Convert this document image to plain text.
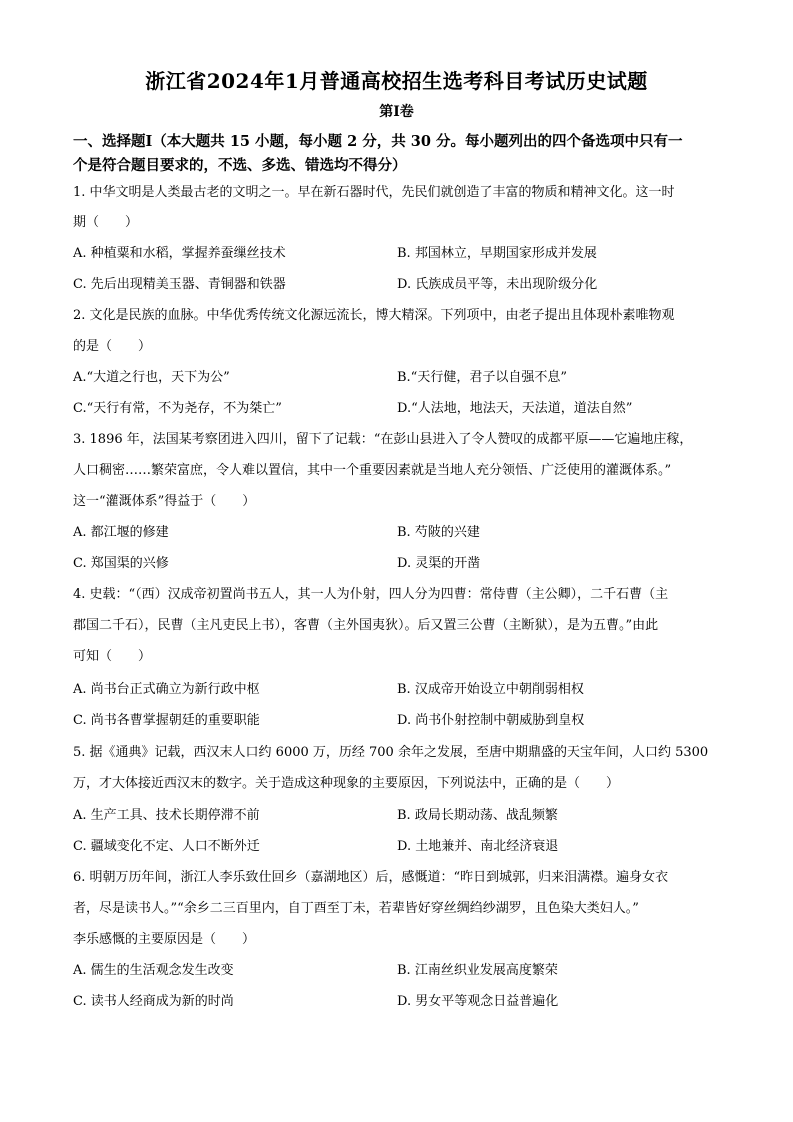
浙江省2024年1月普通高校招生选考科目考试历史试题
第Ⅰ卷
一、选择题Ⅰ（本大题共 15 小题，每小题 2 分，共 30 分。每小题列出的四个备选项中只有一
个是符合题目要求的，不选、多选、错选均不得分）
1. 中华文明是人类最古老的文明之一。早在新石器时代，先民们就创造了丰富的物质和精神文化。这一时
期（　　）
A. 种植粟和水稻，掌握养蚕缫丝技术	B. 邦国林立，早期国家形成并发展
C. 先后出现精美玉器、青铜器和铁器	D. 氏族成员平等，未出现阶级分化
2. 文化是民族的血脉。中华优秀传统文化源远流长，博大精深。下列项中，由老子提出且体现朴素唯物观
的是（　　）
A.“大道之行也，天下为公”	B.“天行健，君子以自强不息”
C.“天行有常，不为尧存，不为桀亡”	D.“人法地，地法天，天法道，道法自然”
3. 1896 年，法国某考察团进入四川，留下了记载：“在彭山县进入了令人赞叹的成都平原——它遍地庄稼，
人口稠密……繁荣富庶，令人难以置信，其中一个重要因素就是当地人充分领悟、广泛使用的灌溉体系。”
这一“灌溉体系”得益于（　　）
A. 都江堰的修建	B. 芍陂的兴建
C. 郑国渠的兴修	D. 灵渠的开凿
4. 史载：“（西）汉成帝初置尚书五人，其一人为仆射，四人分为四曹：常侍曹（主公卿），二千石曹（主
郡国二千石），民曹（主凡吏民上书），客曹（主外国夷狄）。后又置三公曹（主断狱），是为五曹。”由此
可知（　　）
A. 尚书台正式确立为新行政中枢	B. 汉成帝开始设立中朝削弱相权
C. 尚书各曹掌握朝廷的重要职能	D. 尚书仆射控制中朝威胁到皇权
5. 据《通典》记载，西汉末人口约 6000 万，历经 700 余年之发展，至唐中期鼎盛的天宝年间，人口约 5300
万，才大体接近西汉末的数字。关于造成这种现象的主要原因，下列说法中，正确的是（　　）
A. 生产工具、技术长期停滞不前	B. 政局长期动荡、战乱频繁
C. 疆域变化不定、人口不断外迁	D. 土地兼并、南北经济衰退
6. 明朝万历年间，浙江人李乐致仕回乡（嘉湖地区）后，感慨道：“昨日到城郭，归来泪满襟。遍身女衣
者，尽是读书人。”“余乡二三百里内，自丁酉至丁未，若辈皆好穿丝绸绉纱湖罗，且色染大类妇人。”
李乐感慨的主要原因是（　　）
A. 儒生的生活观念发生改变	B. 江南丝织业发展高度繁荣
C. 读书人经商成为新的时尚	D. 男女平等观念日益普遍化
